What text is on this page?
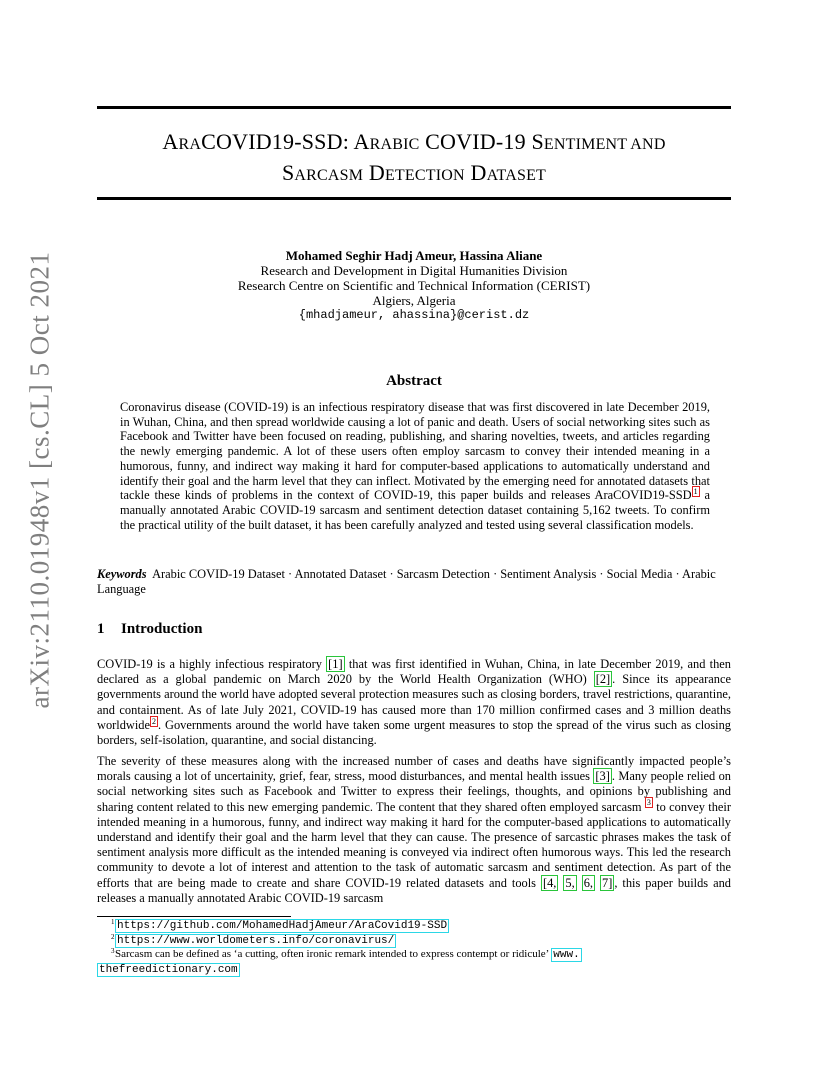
arXiv:2110.01948v1 [cs.CL] 5 Oct 2021
ARACOVID19-SSD: ARABIC COVID-19 SENTIMENT AND
SARCASM DETECTION DATASET
Mohamed Seghir Hadj Ameur, Hassina Aliane
Research and Development in Digital Humanities Division
Research Centre on Scientific and Technical Information (CERIST)
Algiers, Algeria
{mhadjameur, ahassina}@cerist.dz
Abstract

Coronavirus disease (COVID-19) is an infectious respiratory disease that was first discovered in late December 2019, in Wuhan, China, and then spread worldwide causing a lot of panic and death. Users of social networking sites such as Facebook and Twitter have been focused on reading, publishing, and sharing novelties, tweets, and articles regarding the newly emerging pandemic. A lot of these users often employ sarcasm to convey their intended meaning in a humorous, funny, and indirect way making it hard for computer-based applications to automatically understand and identify their goal and the harm level that they can inflect. Motivated by the emerging need for annotated datasets that tackle these kinds of problems in the context of COVID-19, this paper builds and releases AraCOVID19-SSD $^1$ a manually annotated Arabic COVID-19 sarcasm and sentiment detection dataset containing 5,162 tweets. To confirm the practical utility of the built dataset, it has been carefully analyzed and tested using several classification models.

Keywords Arabic COVID-19 Dataset · Annotated Dataset · Sarcasm Detection · Sentiment Analysis · Social Media · Arabic Language

1 Introduction

COVID-19 is a highly infectious respiratory [1] that was first identified in Wuhan, China, in late December 2019, and then declared as a global pandemic on March 2020 by the World Health Organization (WHO) [2] . Since its appearance governments around the world have adopted several protection measures such as closing borders, travel restrictions, quarantine, and containment. As of late July 2021, COVID-19 has caused more than 170 million confirmed cases and 3 million deaths worldwide $^2$ . Governments around the world have taken some urgent measures to stop the spread of the virus such as closing borders, self-isolation, quarantine, and social distancing.

The severity of these measures along with the increased number of cases and deaths have significantly impacted people’s morals causing a lot of uncertainity, grief, fear, stress, mood disturbances, and mental health issues [3] . Many people relied on social networking sites such as Facebook and Twitter to express their feelings, thoughts, and opinions by publishing and sharing content related to this new emerging pandemic. The content that they shared often employed sarcasm $^3$ to convey their intended meaning in a humorous, funny, and indirect way making it hard for the computer-based applications to automatically understand and identify their goal and the harm level that they can cause. The presence of sarcastic phrases makes the task of sentiment analysis more difficult as the intended meaning is conveyed via indirect often humorous ways. This led the research community to devote a lot of interest and attention to the task of automatic sarcasm and sentiment detection. As part of the efforts that are being made to create and share COVID-19 related datasets and tools [4, 5, 6, 7] , this paper builds and releases a manually annotated Arabic COVID-19 sarcasm

1 https://github.com/MohamedHadjAmeur/AraCovid19-SSD

2 https://www.worldometers.info/coronavirus/

3 Sarcasm can be defined as ‘a cutting, often ironic remark intended to express contempt or ridicule’ www.

thefreedictionary.com
